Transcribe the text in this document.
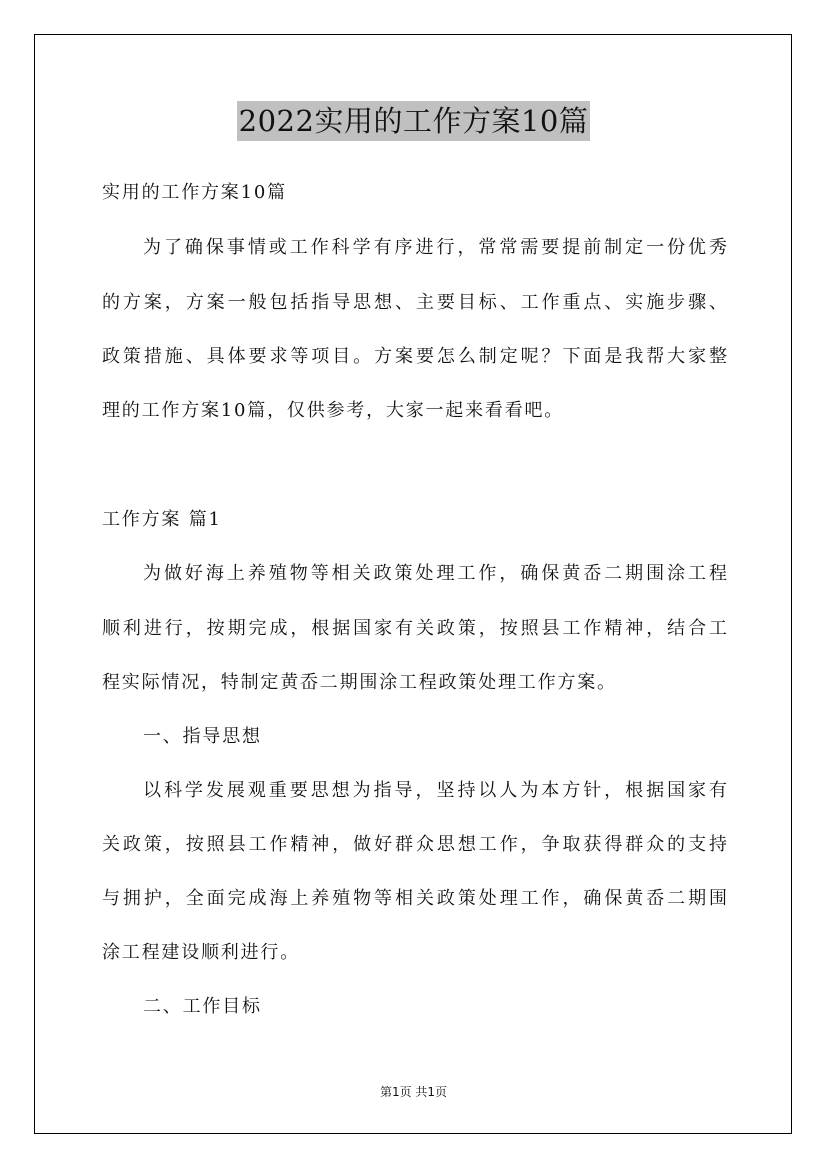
2022实用的工作方案10篇
实用的工作方案10篇
为了确保事情或工作科学有序进行，常常需要提前制定一份优秀
的方案，方案一般包括指导思想、主要目标、工作重点、实施步骤、
政策措施、具体要求等项目。方案要怎么制定呢？下面是我帮大家整
理的工作方案10篇，仅供参考，大家一起来看看吧。
工作方案 篇1
为做好海上养殖物等相关政策处理工作，确保黄岙二期围涂工程
顺利进行，按期完成，根据国家有关政策，按照县工作精神，结合工
程实际情况，特制定黄岙二期围涂工程政策处理工作方案。
一、指导思想
以科学发展观重要思想为指导，坚持以人为本方针，根据国家有
关政策，按照县工作精神，做好群众思想工作，争取获得群众的支持
与拥护，全面完成海上养殖物等相关政策处理工作，确保黄岙二期围
涂工程建设顺利进行。
二、工作目标
第1页 共1页
